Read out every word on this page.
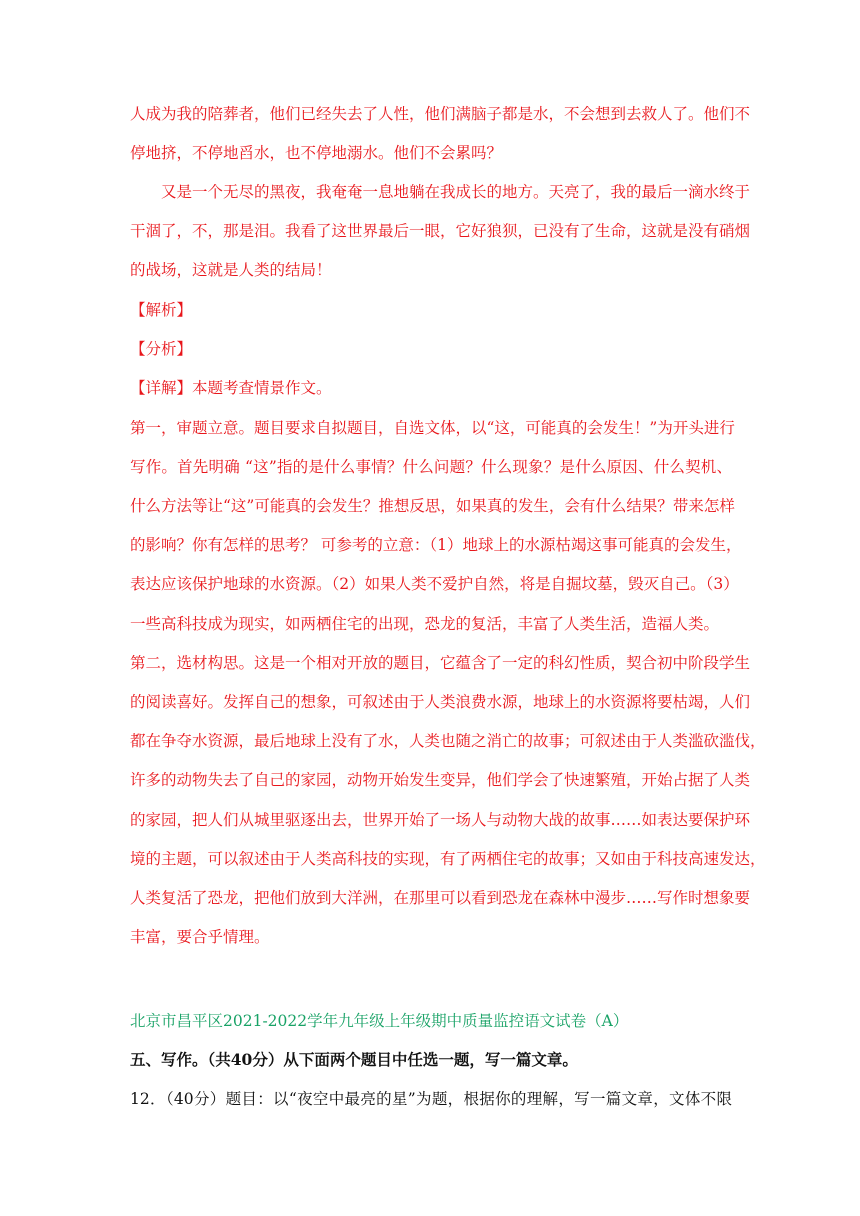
人成为我的陪葬者，他们已经失去了人性，他们满脑子都是水，不会想到去救人了。他们不
停地挤，不停地舀水，也不停地溺水。他们不会累吗？
又是一个无尽的黑夜，我奄奄一息地躺在我成长的地方。天亮了，我的最后一滴水终于
干涸了，不，那是泪。我看了这世界最后一眼，它好狼狈，已没有了生命，这就是没有硝烟
的战场，这就是人类的结局！
【解析】
【分析】
【详解】本题考查情景作文。
第一，审题立意。题目要求自拟题目，自选文体，以“这，可能真的会发生！”为开头进行
写作。首先明确 “这”指的是什么事情？什么问题？什么现象？是什么原因、什么契机、
什么方法等让“这”可能真的会发生？推想反思，如果真的发生，会有什么结果？带来怎样
的影响？你有怎样的思考？ 可参考的立意：（1）地球上的水源枯竭这事可能真的会发生，
表达应该保护地球的水资源。（2）如果人类不爱护自然，将是自掘坟墓，毁灭自己。（3）
一些高科技成为现实，如两栖住宅的出现，恐龙的复活，丰富了人类生活，造福人类。
第二，选材构思。这是一个相对开放的题目，它蕴含了一定的科幻性质，契合初中阶段学生
的阅读喜好。发挥自己的想象，可叙述由于人类浪费水源，地球上的水资源将要枯竭，人们
都在争夺水资源，最后地球上没有了水，人类也随之消亡的故事；可叙述由于人类滥砍滥伐，
许多的动物失去了自己的家园，动物开始发生变异，他们学会了快速繁殖，开始占据了人类
的家园，把人们从城里驱逐出去，世界开始了一场人与动物大战的故事……如表达要保护环
境的主题，可以叙述由于人类高科技的实现，有了两栖住宅的故事；又如由于科技高速发达，
人类复活了恐龙，把他们放到大洋洲，在那里可以看到恐龙在森林中漫步……写作时想象要
丰富，要合乎情理。
北京市昌平区2021-2022学年九年级上年级期中质量监控语文试卷（A）
五、写作。（共40分）从下面两个题目中任选一题，写一篇文章。
12．（40分）题目：以“夜空中最亮的星”为题，根据你的理解，写一篇文章，文体不限
